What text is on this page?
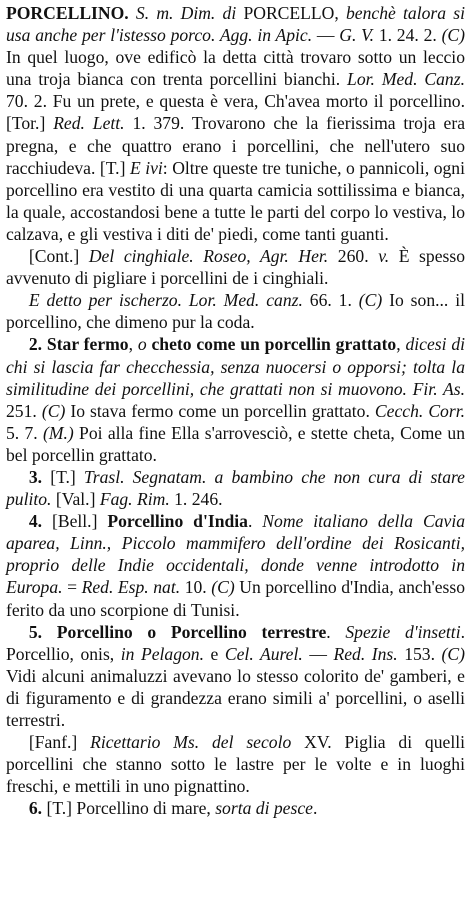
PORCELLINO. S. m. Dim. di PORCELLO, benchè talora si usa anche per l'istesso porco. Agg. in Apic. — G. V. 1. 24. 2. (C) In quel luogo, ove edificò la detta città trovaro sotto un leccio una troja bianca con trenta porcellini bianchi. Lor. Med. Canz. 70. 2. Fu un prete, e questa è vera, Ch'avea morto il porcellino. [Tor.] Red. Lett. 1. 379. Trovarono che la fierissima troja era pregna, e che quattro erano i porcellini, che nell'utero suo racchiudeva. [T.] E ivi: Oltre queste tre tuniche, o pannicoli, ogni porcellino era vestito di una quarta camicia sottilissima e bianca, la quale, accostandosi bene a tutte le parti del corpo lo vestiva, lo calzava, e gli vestiva i diti de' piedi, come tanti guanti.

[Cont.] Del cinghiale. Roseo, Agr. Her. 260. v. È spesso avvenuto di pigliare i porcellini de i cinghiali.

E detto per ischerzo. Lor. Med. canz. 66. 1. (C) Io son... il porcellino, che dimeno pur la coda.

2. Star fermo, o cheto come un porcellin grattato, dicesi di chi si lascia far checchessia, senza nuocersi o opporsi; tolta la similitudine dei porcellini, che grattati non si muovono. Fir. As. 251. (C) Io stava fermo come un porcellin grattato. Cecch. Corr. 5. 7. (M.) Poi alla fine Ella s'arrovesciò, e stette cheta, Come un bel porcellin grattato.

3. [T.] Trasl. Segnatam. a bambino che non cura di stare pulito. [Val.] Fag. Rim. 1. 246.

4. [Bell.] Porcellino d'India. Nome italiano della Cavia aparea, Linn., Piccolo mammifero dell'ordine dei Rosicanti, proprio delle Indie occidentali, donde venne introdotto in Europa. = Red. Esp. nat. 10. (C) Un porcellino d'India, anch'esso ferito da uno scorpione di Tunisi.

5. Porcellino o Porcellino terrestre. Spezie d'insetti. Porcellio, onis, in Pelagon. e Cel. Aurel. — Red. Ins. 153. (C) Vidi alcuni animaluzzi avevano lo stesso colorito de' gamberi, e di figuramento e di grandezza erano simili a' porcellini, o aselli terrestri.

[Fanf.] Ricettario Ms. del secolo XV. Piglia di quelli porcellini che stanno sotto le lastre per le volte e in luoghi freschi, e mettili in uno pignattino.

6. [T.] Porcellino di mare, sorta di pesce.
